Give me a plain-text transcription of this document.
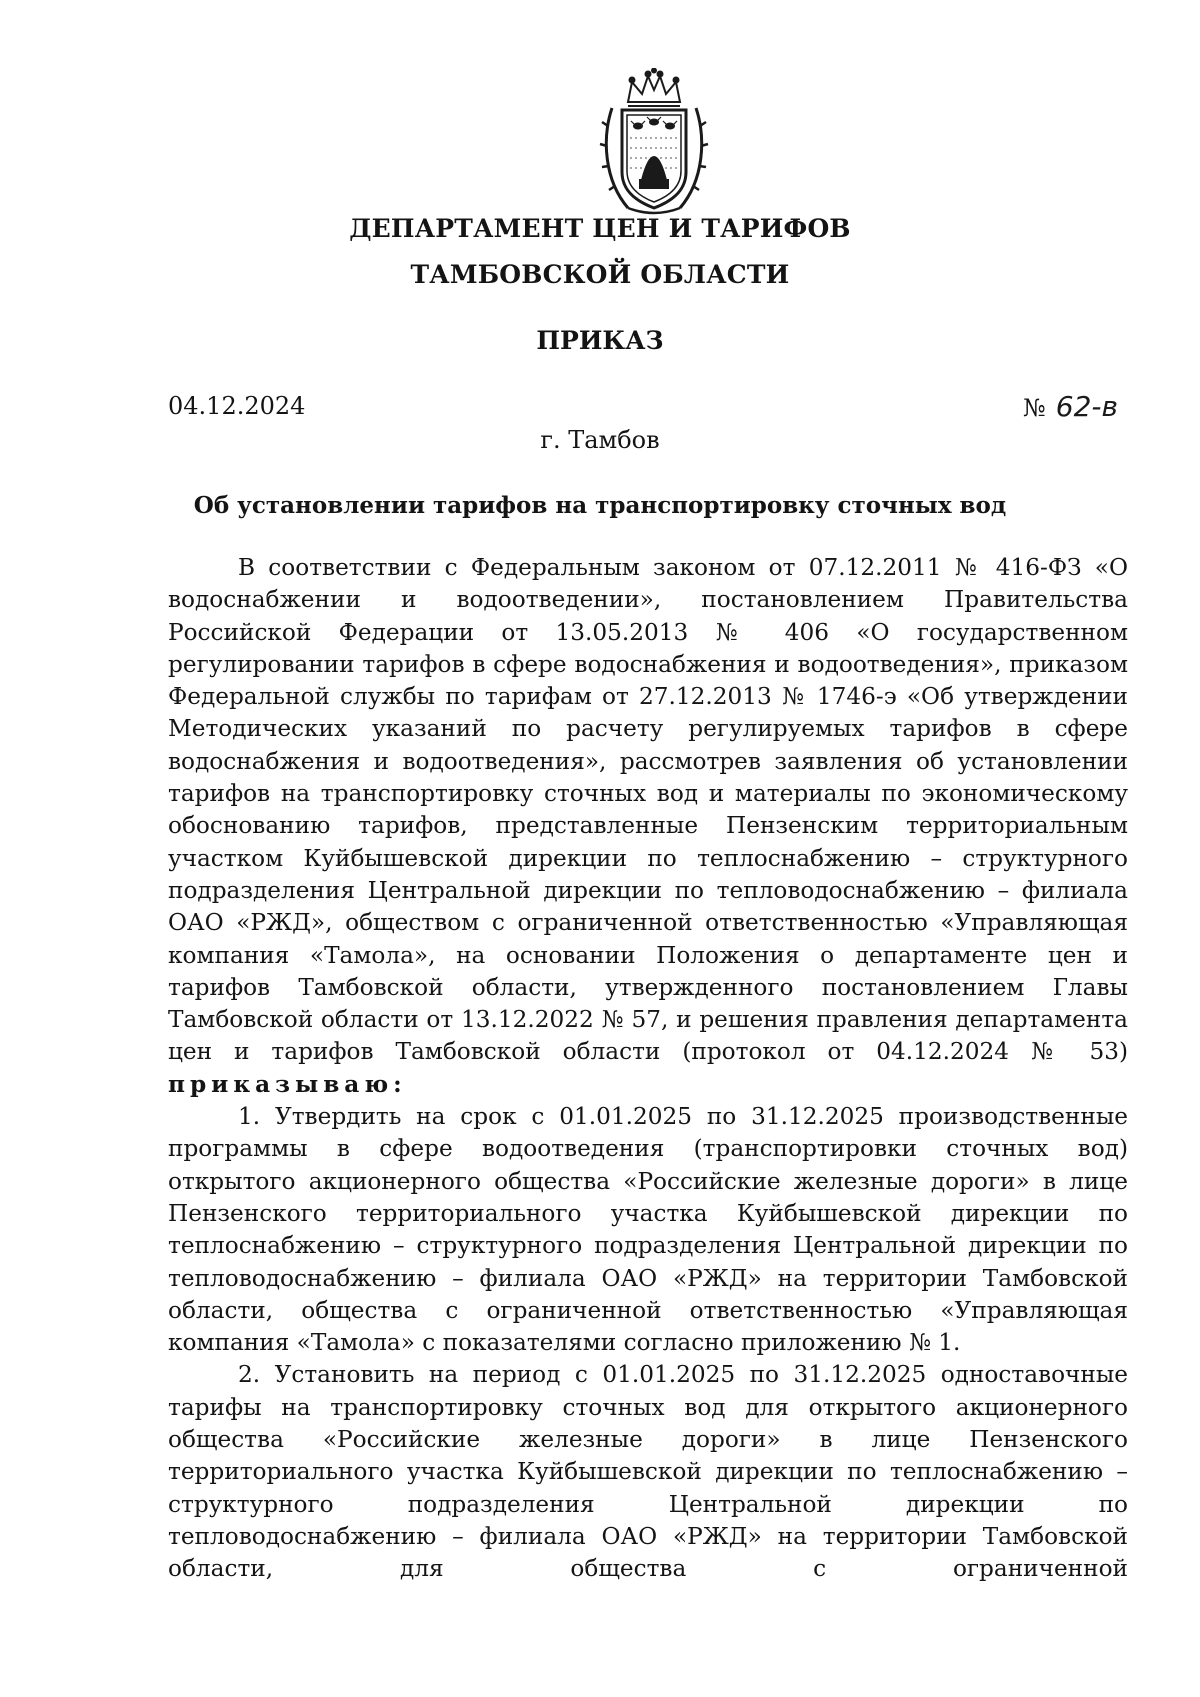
ДЕПАРТАМЕНТ ЦЕН И ТАРИФОВ
ТАМБОВСКОЙ ОБЛАСТИ
ПРИКАЗ
04.12.2024	№ 62-в
г. Тамбов
Об установлении тарифов на транспортировку сточных вод

В соответствии с Федеральным законом от 07.12.2011 № 416-ФЗ «О водоснабжении и водоотведении», постановлением Правительства Российской Федерации от 13.05.2013 № 406 «О государственном регулировании тарифов в сфере водоснабжения и водоотведения», приказом Федеральной службы по тарифам от 27.12.2013 № 1746-э «Об утверждении Методических указаний по расчету регулируемых тарифов в сфере водоснабжения и водоотведения», рассмотрев заявления об установлении тарифов на транспортировку сточных вод и материалы по экономическому обоснованию тарифов, представленные Пензенским территориальным участком Куйбышевской дирекции по теплоснабжению – структурного подразделения Центральной дирекции по тепловодоснабжению – филиала ОАО «РЖД», обществом с ограниченной ответственностью «Управляющая компания «Тамола», на основании Положения о департаменте цен и тарифов Тамбовской области, утвержденного постановлением Главы Тамбовской области от 13.12.2022 № 57, и решения правления департамента цен и тарифов Тамбовской области (протокол от 04.12.2024 № 53) приказываю:

1. Утвердить на срок с 01.01.2025 по 31.12.2025 производственные программы в сфере водоотведения (транспортировки сточных вод) открытого акционерного общества «Российские железные дороги» в лице Пензенского территориального участка Куйбышевской дирекции по теплоснабжению – структурного подразделения Центральной дирекции по тепловодоснабжению – филиала ОАО «РЖД» на территории Тамбовской области, общества с ограниченной ответственностью «Управляющая компания «Тамола» с показателями согласно приложению № 1.

2. Установить на период с 01.01.2025 по 31.12.2025 одноставочные тарифы на транспортировку сточных вод для открытого акционерного общества «Российские железные дороги» в лице Пензенского территориального участка Куйбышевской дирекции по теплоснабжению – структурного подразделения Центральной дирекции по тепловодоснабжению – филиала ОАО «РЖД» на территории Тамбовской области, для общества с ограниченной
